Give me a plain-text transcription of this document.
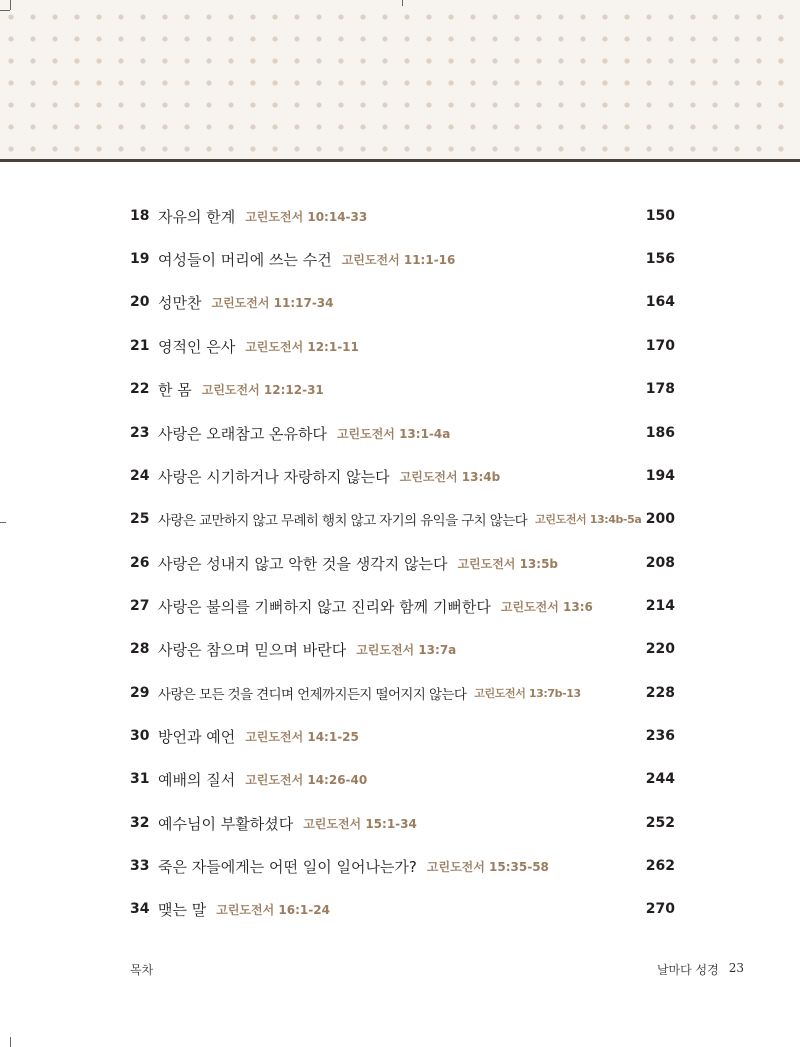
18 자유의 한계 고린도전서 10:14-33	150
19 여성들이 머리에 쓰는 수건 고린도전서 11:1-16	156
20 성만찬 고린도전서 11:17-34	164
21 영적인 은사 고린도전서 12:1-11	170
22 한 몸 고린도전서 12:12-31	178
23 사랑은 오래참고 온유하다 고린도전서 13:1-4a	186
24 사랑은 시기하거나 자랑하지 않는다 고린도전서 13:4b	194
25 사랑은 교만하지 않고 무례히 행치 않고 자기의 유익을 구치 않는다 고린도전서 13:4b-5a 200
26 사랑은 성내지 않고 악한 것을 생각지 않는다 고린도전서 13:5b	208
27 사랑은 불의를 기뻐하지 않고 진리와 함께 기뻐한다 고린도전서 13:6	214
28 사랑은 참으며 믿으며 바란다 고린도전서 13:7a	220
29 사랑은 모든 것을 견디며 언제까지든지 떨어지지 않는다 고린도전서 13:7b-13	228
30 방언과 예언 고린도전서 14:1-25	236
31 예배의 질서 고린도전서 14:26-40	244
32 예수님이 부활하셨다 고린도전서 15:1-34	252
33 죽은 자들에게는 어떤 일이 일어나는가? 고린도전서 15:35-58	262
34 맺는 말 고린도전서 16:1-24	270
목차	날마다 성경 23
